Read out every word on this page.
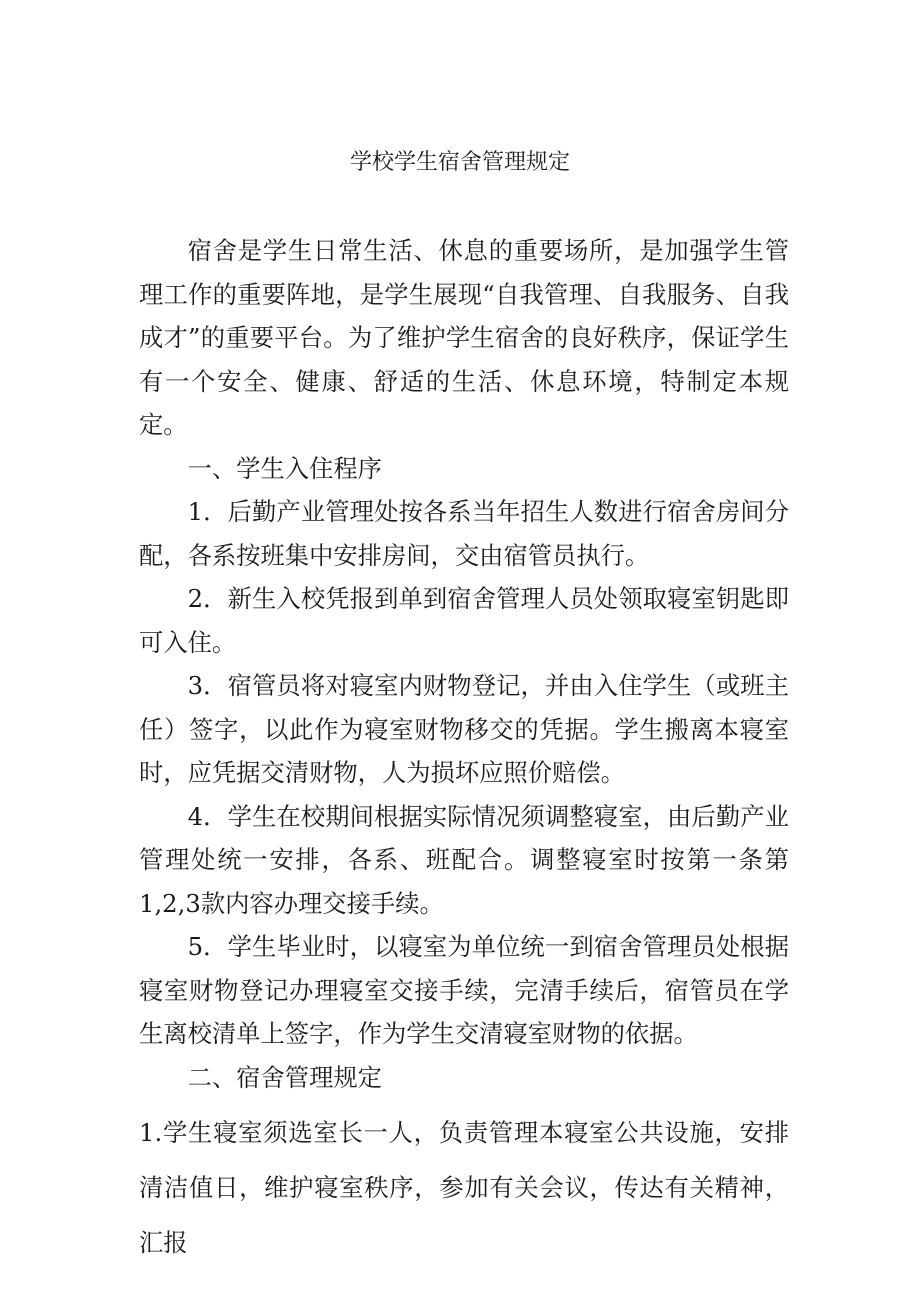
学校学生宿舍管理规定

宿舍是学生日常生活、休息的重要场所，是加强学生管理工作的重要阵地，是学生展现“自我管理、自我服务、自我成才”的重要平台。为了维护学生宿舍的良好秩序，保证学生有一个安全、健康、舒适的生活、休息环境，特制定本规定。

一、学生入住程序

1．后勤产业管理处按各系当年招生人数进行宿舍房间分配，各系按班集中安排房间，交由宿管员执行。

2．新生入校凭报到单到宿舍管理人员处领取寝室钥匙即可入住。

3．宿管员将对寝室内财物登记，并由入住学生（或班主任）签字，以此作为寝室财物移交的凭据。学生搬离本寝室时，应凭据交清财物，人为损坏应照价赔偿。

4．学生在校期间根据实际情况须调整寝室，由后勤产业管理处统一安排，各系、班配合。调整寝室时按第一条第1,2,3款内容办理交接手续。

5．学生毕业时，以寝室为单位统一到宿舍管理员处根据寝室财物登记办理寝室交接手续，完清手续后，宿管员在学生离校清单上签字，作为学生交清寝室财物的依据。

二、宿舍管理规定

1.学生寝室须选室长一人，负责管理本寝室公共设施，安排清洁值日，维护寝室秩序，参加有关会议，传达有关精神，汇报
